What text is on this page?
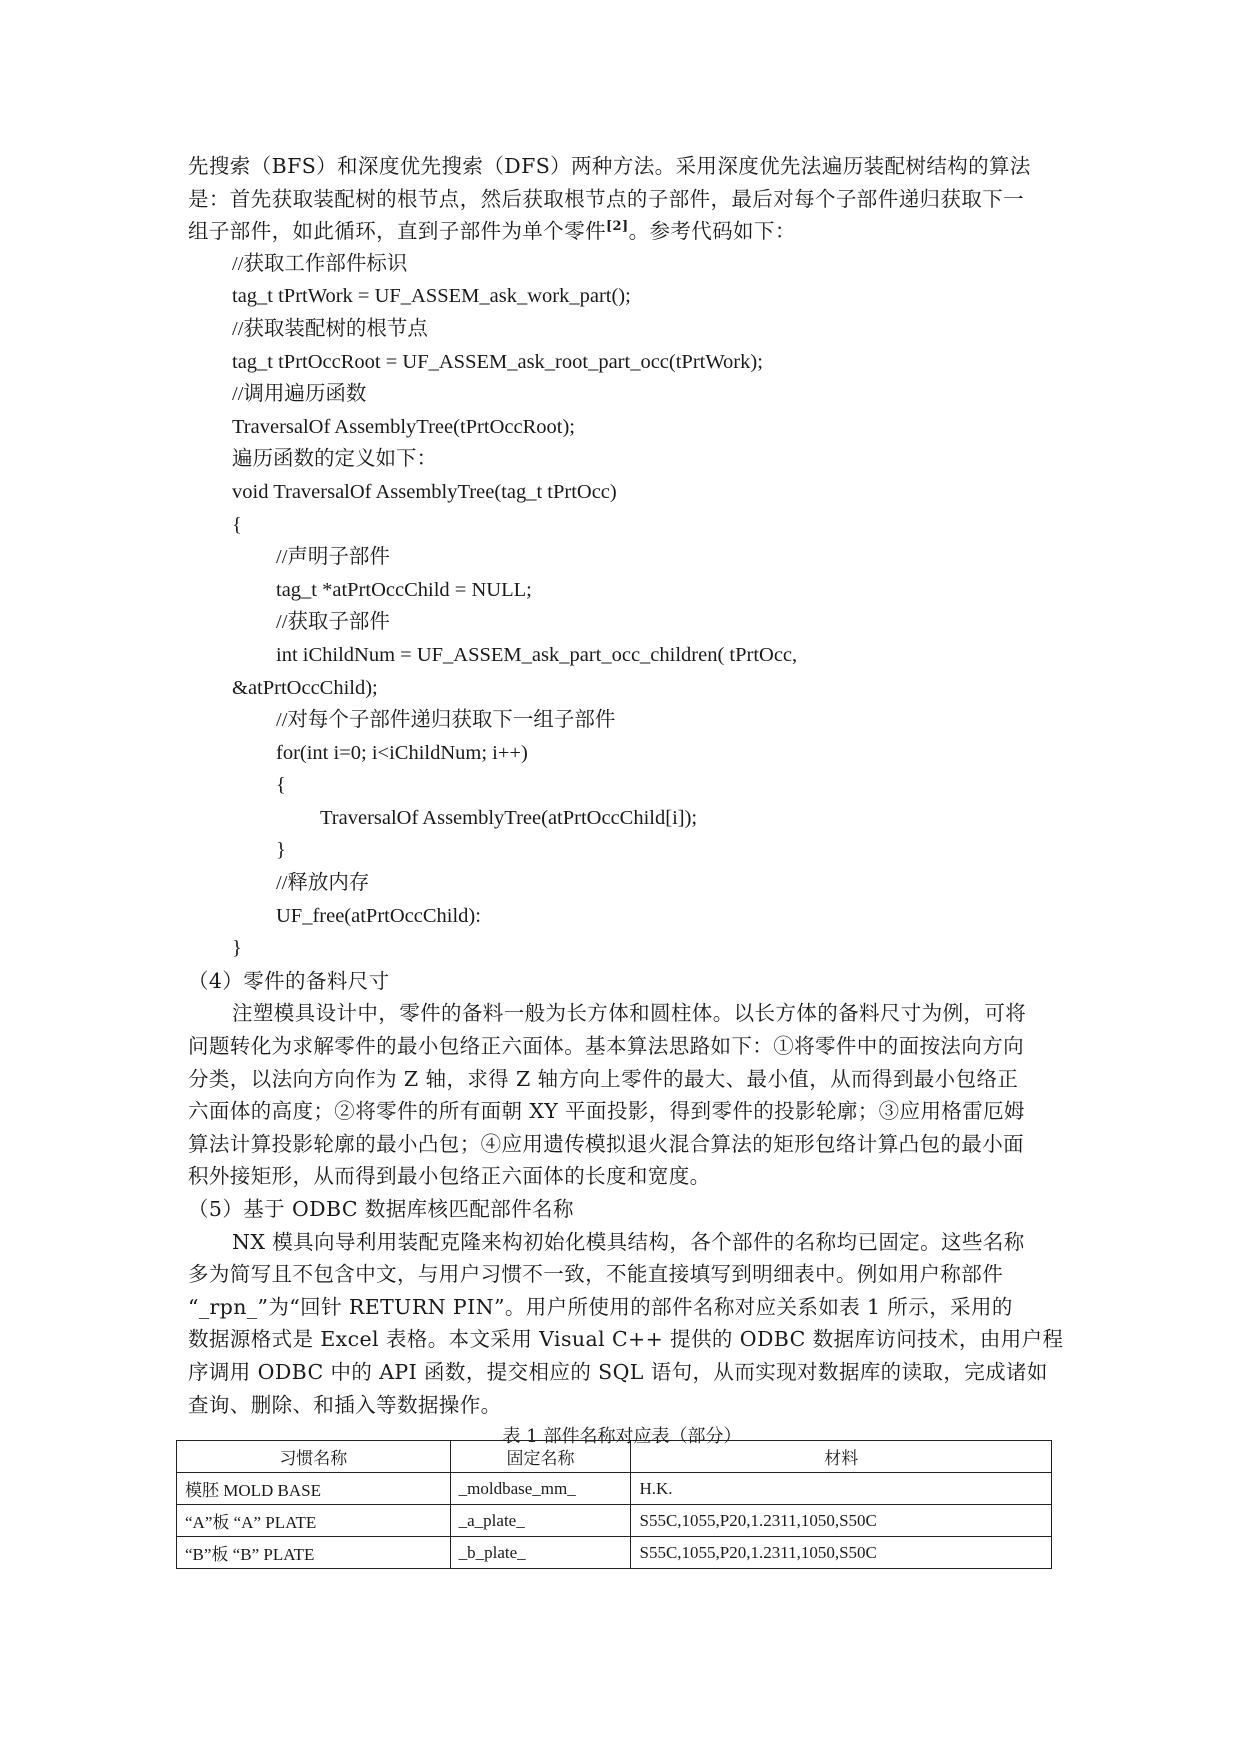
先搜索（BFS）和深度优先搜索（DFS）两种方法。采用深度优先法遍历装配树结构的算法
是：首先获取装配树的根节点，然后获取根节点的子部件，最后对每个子部件递归获取下一
组子部件，如此循环，直到子部件为单个零件[2]。参考代码如下：
//获取工作部件标识
tag_t tPrtWork = UF_ASSEM_ask_work_part();
//获取装配树的根节点
tag_t tPrtOccRoot = UF_ASSEM_ask_root_part_occ(tPrtWork);
//调用遍历函数
TraversalOf AssemblyTree(tPrtOccRoot);
遍历函数的定义如下：
void TraversalOf AssemblyTree(tag_t tPrtOcc)
{
//声明子部件
tag_t *atPrtOccChild = NULL;
//获取子部件
int iChildNum = UF_ASSEM_ask_part_occ_children( tPrtOcc,
&atPrtOccChild);
//对每个子部件递归获取下一组子部件
for(int i=0; i<iChildNum; i++)
{
TraversalOf AssemblyTree(atPrtOccChild[i]);
}
//释放内存
UF_free(atPrtOccChild):
}
（4）零件的备料尺寸
注塑模具设计中，零件的备料一般为长方体和圆柱体。以长方体的备料尺寸为例，可将
问题转化为求解零件的最小包络正六面体。基本算法思路如下：①将零件中的面按法向方向
分类，以法向方向作为 Z 轴，求得 Z 轴方向上零件的最大、最小值，从而得到最小包络正
六面体的高度；②将零件的所有面朝 XY 平面投影，得到零件的投影轮廓；③应用格雷厄姆
算法计算投影轮廓的最小凸包；④应用遗传模拟退火混合算法的矩形包络计算凸包的最小面
积外接矩形，从而得到最小包络正六面体的长度和宽度。
（5）基于 ODBC 数据库核匹配部件名称
NX 模具向导利用装配克隆来构初始化模具结构，各个部件的名称均已固定。这些名称
多为简写且不包含中文，与用户习惯不一致，不能直接填写到明细表中。例如用户称部件
“_rpn_”为“回针 RETURN PIN”。用户所使用的部件名称对应关系如表 1 所示，采用的
数据源格式是 Excel 表格。本文采用 Visual C++ 提供的 ODBC 数据库访问技术，由用户程
序调用 ODBC 中的 API 函数，提交相应的 SQL 语句，从而实现对数据库的读取，完成诸如
查询、删除、和插入等数据操作。
表 1 部件名称对应表（部分）
习惯名称	固定名称	材料
模胚 MOLD BASE	_moldbase_mm_	H.K.
“A”板 “A” PLATE	_a_plate_	S55C,1055,P20,1.2311,1050,S50C
“B”板 “B” PLATE	_b_plate_	S55C,1055,P20,1.2311,1050,S50C
